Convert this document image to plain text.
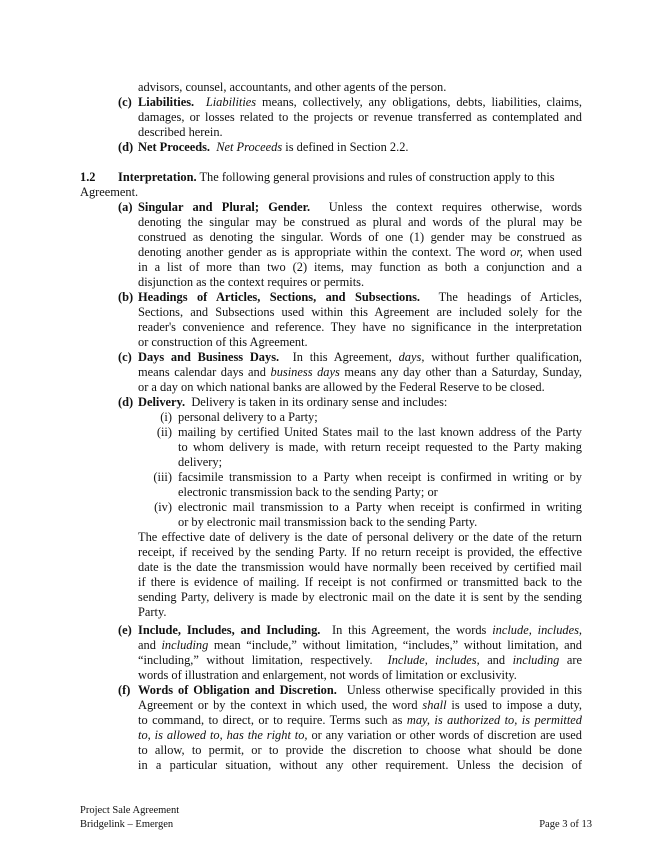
advisors, counsel, accountants, and other agents of the person.
(c) Liabilities. Liabilities means, collectively, any obligations, debts, liabilities, claims,
damages, or losses related to the projects or revenue transferred as contemplated and
described herein.
(d) Net Proceeds. Net Proceeds is defined in Section 2.2.
1.2 Interpretation. The following general provisions and rules of construction apply to this
Agreement.
(a) Singular and Plural; Gender. Unless the context requires otherwise, words
denoting the singular may be construed as plural and words of the plural may be
construed as denoting the singular. Words of one (1) gender may be construed as
denoting another gender as is appropriate within the context. The word or, when used
in a list of more than two (2) items, may function as both a conjunction and a
disjunction as the context requires or permits.
(b) Headings of Articles, Sections, and Subsections. The headings of Articles,
Sections, and Subsections used within this Agreement are included solely for the
reader's convenience and reference. They have no significance in the interpretation
or construction of this Agreement.
(c) Days and Business Days. In this Agreement, days, without further qualification,
means calendar days and business days means any day other than a Saturday, Sunday,
or a day on which national banks are allowed by the Federal Reserve to be closed.
(d) Delivery. Delivery is taken in its ordinary sense and includes:
(i) personal delivery to a Party;
(ii) mailing by certified United States mail to the last known address of the Party
to whom delivery is made, with return receipt requested to the Party making
delivery;
(iii) facsimile transmission to a Party when receipt is confirmed in writing or by
electronic transmission back to the sending Party; or
(iv) electronic mail transmission to a Party when receipt is confirmed in writing
or by electronic mail transmission back to the sending Party.
The effective date of delivery is the date of personal delivery or the date of the return
receipt, if received by the sending Party. If no return receipt is provided, the effective
date is the date the transmission would have normally been received by certified mail
if there is evidence of mailing. If receipt is not confirmed or transmitted back to the
sending Party, delivery is made by electronic mail on the date it is sent by the sending
Party.
(e) Include, Includes, and Including. In this Agreement, the words include, includes,
and including mean “include,” without limitation, “includes,” without limitation, and
“including,” without limitation, respectively. Include, includes, and including are
words of illustration and enlargement, not words of limitation or exclusivity.
(f) Words of Obligation and Discretion. Unless otherwise specifically provided in this
Agreement or by the context in which used, the word shall is used to impose a duty,
to command, to direct, or to require. Terms such as may, is authorized to, is permitted
to, is allowed to, has the right to, or any variation or other words of discretion are used
to allow, to permit, or to provide the discretion to choose what should be done
in a particular situation, without any other requirement. Unless the decision of
Project Sale Agreement
Bridgelink – Emergen	Page 3 of 13
